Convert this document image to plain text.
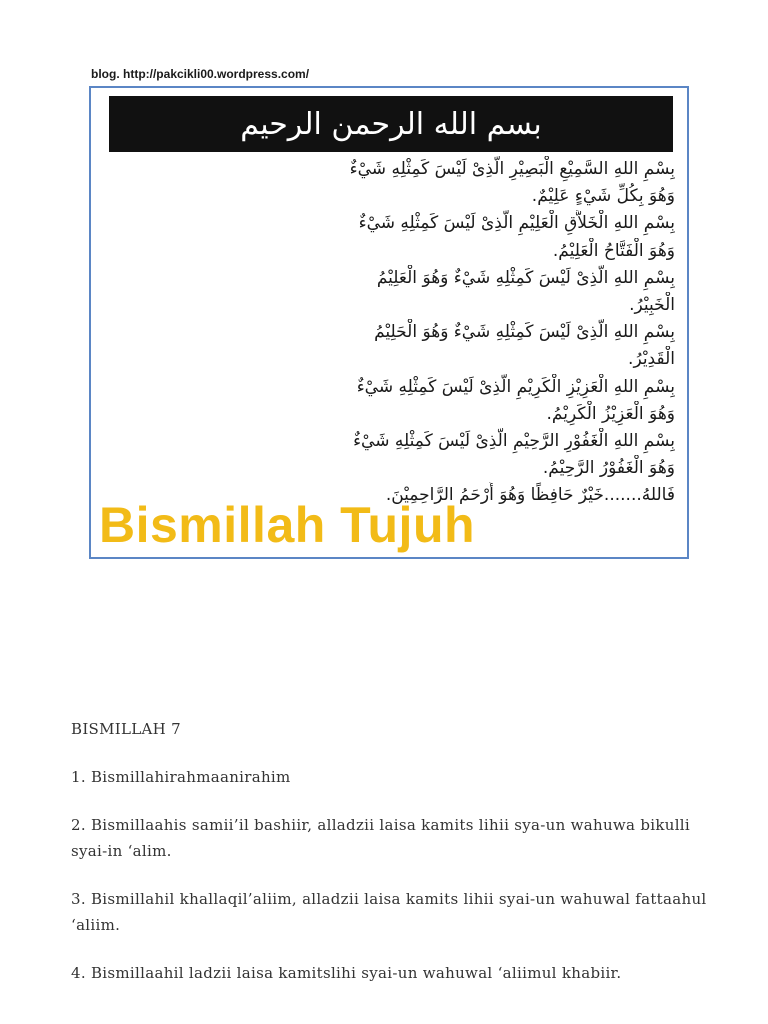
blog. http://pakcikli00.wordpress.com/
بسم الله الرحمن الرحيم
بِسْمِ اللهِ السَّمِيْعِ الْبَصِيْرِ الَّذِىْ لَيْسَ كَمِثْلِهِ شَيْءٌ
وَهُوَ بِكُلِّ شَيْءٍ عَلِيْمٌ.
بِسْمِ اللهِ الْخَلاَّقِ الْعَلِيْمِ الَّذِىْ لَيْسَ كَمِثْلِهِ شَيْءٌ
وَهُوَ الْفَتَّاحُ الْعَلِيْمُ.
بِسْمِ اللهِ الَّذِىْ لَيْسَ كَمِثْلِهِ شَيْءٌ وَهُوَ الْعَلِيْمُ
الْخَبِيْرُ.
بِسْمِ اللهِ الَّذِىْ لَيْسَ كَمِثْلِهِ شَيْءٌ وَهُوَ الْحَلِيْمُ
الْقَدِيْرُ.
بِسْمِ اللهِ الْعَزِيْزِ الْكَرِيْمِ الَّذِىْ لَيْسَ كَمِثْلِهِ شَيْءٌ
وَهُوَ الْعَزِيْزُ الْكَرِيْمُ.
بِسْمِ اللهِ الْغَفُوْرِ الرَّحِيْمِ الَّذِىْ لَيْسَ كَمِثْلِهِ شَيْءٌ
وَهُوَ الْغَفُوْرُ الرَّحِيْمُ.
فَاللهُ.......خَيْرٌ حَافِظًا وَهُوَ أَرْحَمُ الرَّاحِمِيْنَ.
Bismillah Tujuh

BISMILLAH 7

1. Bismillahirahmaanirahim

2. Bismillaahis samii’il bashiir, alladzii laisa kamits lihii sya-un wahuwa bikulli syai-in ‘alim.

3. Bismillahil khallaqil’aliim, alladzii laisa kamits lihii syai-un wahuwal fattaahul ‘aliim.

4. Bismillaahil ladzii laisa kamitslihi syai-un wahuwal ‘aliimul khabiir.
